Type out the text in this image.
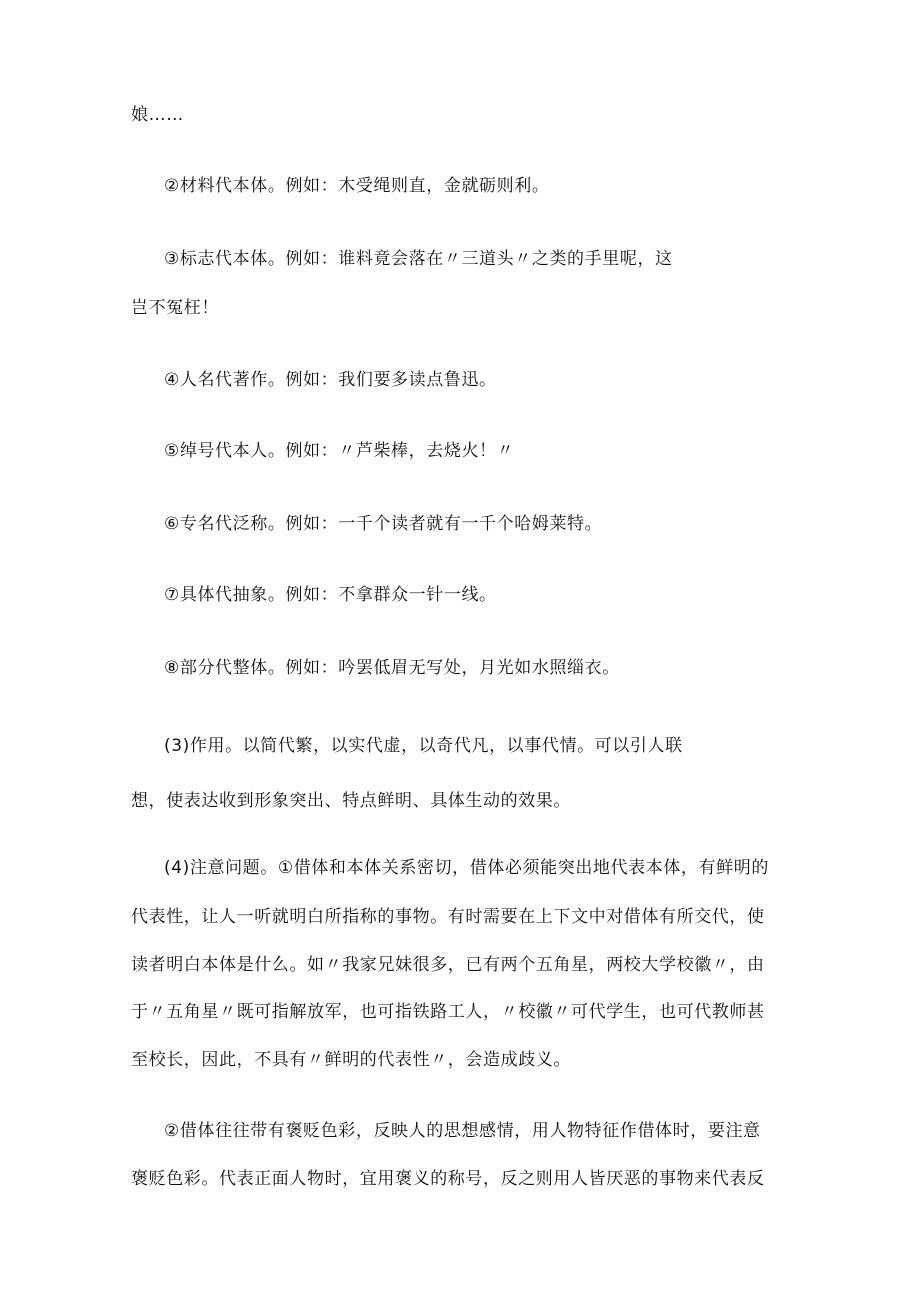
娘……
②材料代本体。例如：木受绳则直，金就砺则利。
③标志代本体。例如：谁料竟会落在〃三道头〃之类的手里呢，这
岂不冤枉！
④人名代著作。例如：我们要多读点鲁迅。
⑤绰号代本人。例如：〃芦柴棒，去烧火！〃
⑥专名代泛称。例如：一千个读者就有一千个哈姆莱特。
⑦具体代抽象。例如：不拿群众一针一线。
⑧部分代整体。例如：吟罢低眉无写处，月光如水照缁衣。
(3)作用。以简代繁，以实代虚，以奇代凡，以事代情。可以引人联
想，使表达收到形象突出、特点鲜明、具体生动的效果。
(4)注意问题。①借体和本体关系密切，借体必须能突出地代表本体，有鲜明的
代表性，让人一听就明白所指称的事物。有时需要在上下文中对借体有所交代，使
读者明白本体是什么。如〃我家兄妹很多，已有两个五角星，两校大学校徽〃，由
于〃五角星〃既可指解放军，也可指铁路工人，〃校徽〃可代学生，也可代教师甚
至校长，因此，不具有〃鲜明的代表性〃，会造成歧义。
②借体往往带有褒贬色彩，反映人的思想感情，用人物特征作借体时，要注意
褒贬色彩。代表正面人物时，宜用褒义的称号，反之则用人皆厌恶的事物来代表反
